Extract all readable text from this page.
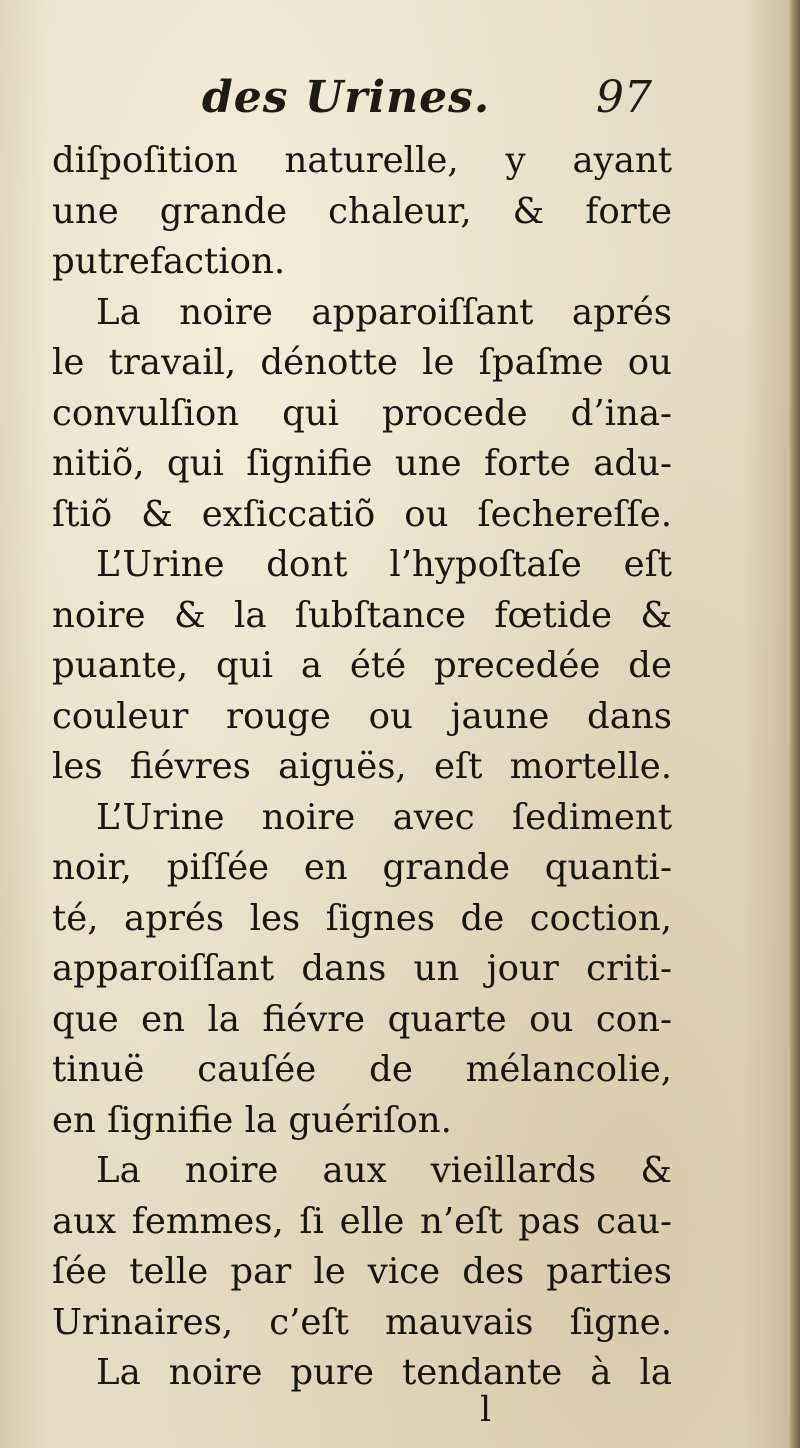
des Urines. 97
diſpoſition naturelle, y ayant
une grande chaleur, & forte
putrefaction.
La noire apparoiſſant aprés
le travail, dénotte le ſpaſme ou
convulſion qui procede d’ina-
nitiõ, qui ſignifie une forte adu-
ſtiõ & exſiccatiõ ou ſechereſſe.
L’Urine dont l’hypoſtaſe eſt
noire & la ſubſtance fœtide &
puante, qui a été precedée de
couleur rouge ou jaune dans
les fiévres aiguës, eſt mortelle.
L’Urine noire avec ſediment
noir, piſſée en grande quanti-
té, aprés les ſignes de coction,
apparoiſſant dans un jour criti-
que en la fiévre quarte ou con-
tinuë cauſée de mélancolie,
en ſignifie la guériſon.
La noire aux vieillards &
aux femmes, ſi elle n’eſt pas cau-
ſée telle par le vice des parties
Urinaires, c’eſt mauvais ſigne.
La noire pure tendante à la
l
